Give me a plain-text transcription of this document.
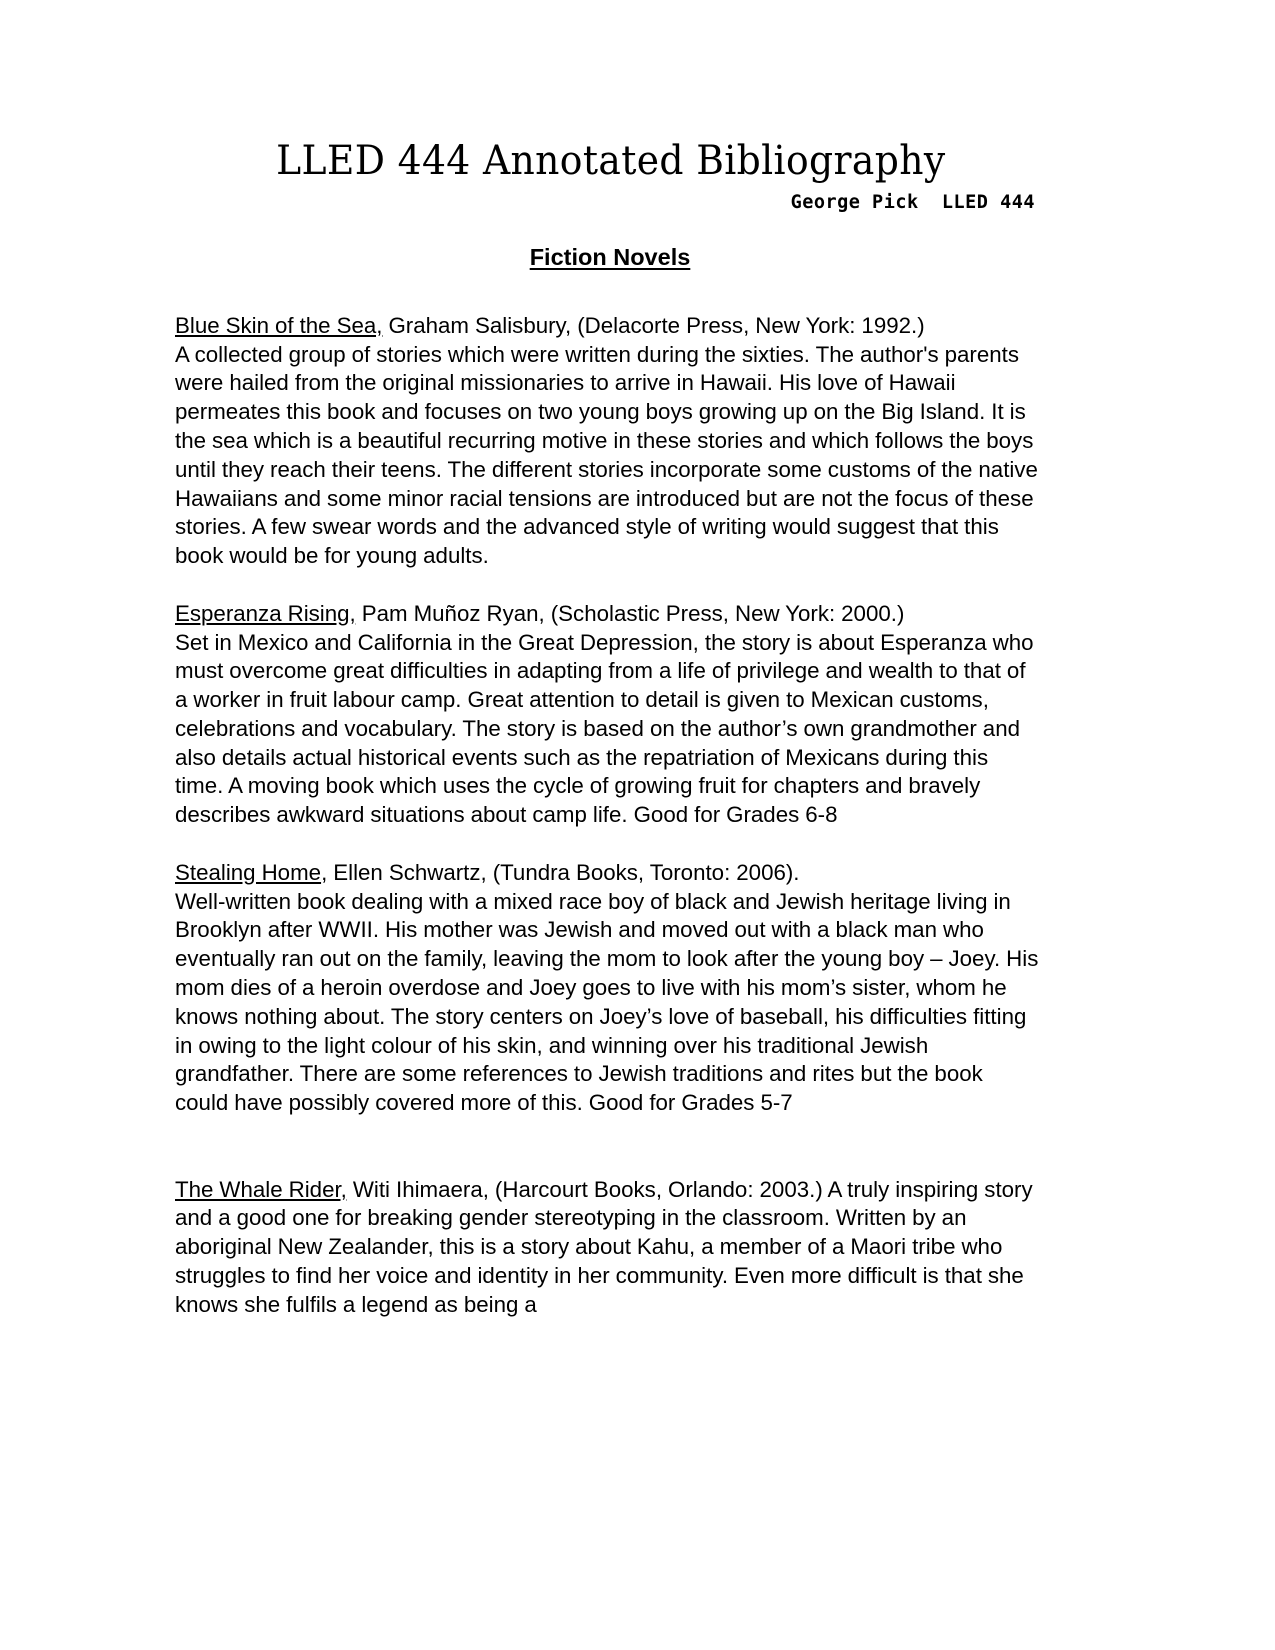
LLED 444 Annotated Bibliography
George Pick  LLED 444
Fiction Novels

Blue Skin of the Sea, Graham Salisbury, (Delacorte Press, New York: 1992.)
A collected group of stories which were written during the sixties. The author's parents were hailed from the original missionaries to arrive in Hawaii. His love of Hawaii permeates this book and focuses on two young boys growing up on the Big Island. It is the sea which is a beautiful recurring motive in these stories and which follows the boys until they reach their teens. The different stories incorporate some customs of the native Hawaiians and some minor racial tensions are introduced but are not the focus of these stories. A few swear words and the advanced style of writing would suggest that this book would be for young adults.

Esperanza Rising, Pam Muñoz Ryan, (Scholastic Press, New York: 2000.)
Set in Mexico and California in the Great Depression, the story is about Esperanza who must overcome great difficulties in adapting from a life of privilege and wealth to that of a worker in fruit labour camp. Great attention to detail is given to Mexican customs, celebrations and vocabulary. The story is based on the author’s own grandmother and also details actual historical events such as the repatriation of Mexicans during this time. A moving book which uses the cycle of growing fruit for chapters and bravely describes awkward situations about camp life. Good for Grades 6-8

Stealing Home, Ellen Schwartz, (Tundra Books, Toronto: 2006).
Well-written book dealing with a mixed race boy of black and Jewish heritage living in Brooklyn after WWII. His mother was Jewish and moved out with a black man who eventually ran out on the family, leaving the mom to look after the young boy – Joey. His mom dies of a heroin overdose and Joey goes to live with his mom’s sister, whom he knows nothing about. The story centers on Joey’s love of baseball, his difficulties fitting in owing to the light colour of his skin, and winning over his traditional Jewish grandfather. There are some references to Jewish traditions and rites but the book could have possibly covered more of this. Good for Grades 5-7

The Whale Rider, Witi Ihimaera, (Harcourt Books, Orlando: 2003.) A truly inspiring story and a good one for breaking gender stereotyping in the classroom. Written by an aboriginal New Zealander, this is a story about Kahu, a member of a Maori tribe who struggles to find her voice and identity in her community. Even more difficult is that she knows she fulfils a legend as being a
